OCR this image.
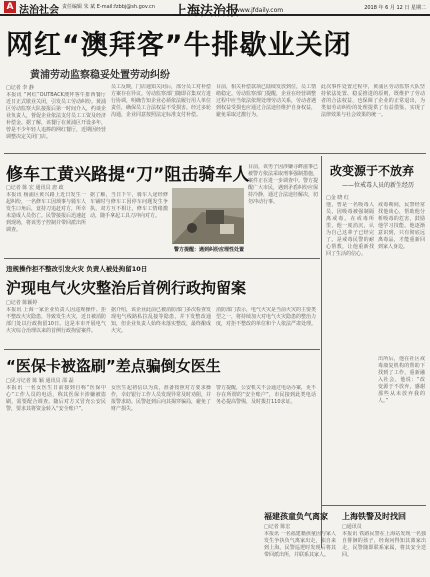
A 法治社会 责任编辑 朱 斌 E-mail:fzbbj@sh.gov.cn 上海法治报
www.jfdaily.com	2018 年 6 月 12 日 星期二
网红“澳拜客”牛排歇业关闭
黄浦劳动监察稳妥处置劳动纠纷
□记者 李 静
本报讯 “网红”OUTBACK澳拜客牛排西餐厅近日正式歇业关闭，引发员工劳动纠纷。黄浦区劳动监察大队接报后第一时间介入，约谈企业负责人，督促企业依法支付员工工资及经济补偿金。据了解，该餐厅在黄浦区开设多年，曾是不少年轻人追捧的网红餐厅，近期因经营调整决定关闭门店。
员工反映，门店通知关闭后，部分员工对补偿方案存在异议。劳动监察部门随即召集双方进行协调，明确告知企业必须依法履行用人单位责任，确保员工合法权益不受损害。经过多轮沟通，企业同意按照法定标准支付补偿。
目前，相关补偿款项已陆续发放到位，员工情绪稳定。劳动监察部门提醒，企业在经营调整过程中应当依法依规处理劳动关系，劳动者遇到权益受损也应通过合法途径维护自身权益，避免采取过激行为。
此次事件处置过程中，黄浦区劳动监察大队坚持依法处置、稳妥推进的原则，既维护了劳动者的合法权益，也保障了企业的正常退出，为类似劳动纠纷的处理提供了有益借鉴，实现了法律效果与社会效果的统一。
修车工黄兴路提“刀”阻击骑车人
□记者 陈 宏 通讯员 唐 政
本报讯 杨浦区黄兴路上近日发生一起纠纷，一名修车工因琐事与骑车人发生口角后，竟持刀追赶对方，所幸未造成人员伤亡。民警接报后迅速赶到现场，将该男子控制并带回派出所调查。
据了解，当日下午，骑车人途经修车铺时与修车工因停车问题发生争执，双方互不相让，修车工情绪激动，随手拿起工具刀冲向对方。
警方提醒：遇到纠纷应理性处置
目前，该男子因涉嫌寻衅滋事已被警方依法采取刑事强制措施，案件正在进一步调查中。警方提醒广大市民，遇到矛盾纠纷应保持冷静，通过合法途径解决，切勿冲动行事。
改变源于不放弃
——位戒毒人员的新生经历
□金 晓 红
他，曾是一名吸毒人员，因吸毒被强制隔离戒毒。在戒毒所里，他一度消沉，认为自己这辈子已经完了。是戒毒民警的耐心帮教，让他重新找回了生活的信心。
戒毒期间，民警经常找他谈心，帮助他分析吸毒的危害，鼓励他学习技能。他逐渐意识到，只有彻底远离毒品，才能重新回到家人身边。
出所后，他在社区戒毒康复机构的帮助下找到了工作，重新融入社会。他说：“改变源于不放弃，感谢那些从未放弃我的人。”
违规操作拒不整改引发火灾 负责人被处拘留10日
沪现电气火灾整治后首例行政拘留案
□记者 陈颖婷
本报讯 上海一家企业负责人因违规操作、拒不整改火灾隐患，导致发生火灾，近日被消防部门处以行政拘留10日。这是本市开展电气火灾综合治理以来的首例行政拘留案件。
据介绍，该企业此前已被消防部门多次检查发现电气线路私拉乱接等隐患，并下发整改通知，但企业负责人始终未落实整改，最终酿成火灾。
消防部门表示，电气火灾是当前火灾的主要类型之一，将持续加大对电气火灾隐患的整治力度，对拒不整改的单位和个人依法严肃处理。
“医保卡被盗刷”差点骗倒女医生
□见习记者 陈 颖 通讯员 邵 磊
本报讯 一名女医生日前接到自称“医保中心”工作人员的电话，称其医保卡涉嫌被盗刷，需要配合调查。随后对方又冒充公安民警，要求其将资金转入“安全账户”。
女医生起初信以为真，准备按照对方要求操作，幸好银行工作人员发现异常及时劝阻，并报警求助。民警赶到后向其揭穿骗局，避免了财产损失。
警方提醒，公安机关不会通过电话办案，更不存在所谓的“安全账户”，市民接到此类电话务必提高警惕，及时拨打110求证。
福建孩童负气离家
□记者 陈宏
本报讯 一名福建籍孩童因与家人发生争执负气离家出走，独自来到上海。民警巡逻时发现后将其带回派出所，并联系其家人。
上海铁警及时找回
□通讯员
本报讯 铁路民警在上海站发现一名独自徘徊的孩子，经询问得知其离家出走，民警随即联系家属，将其安全送回。
